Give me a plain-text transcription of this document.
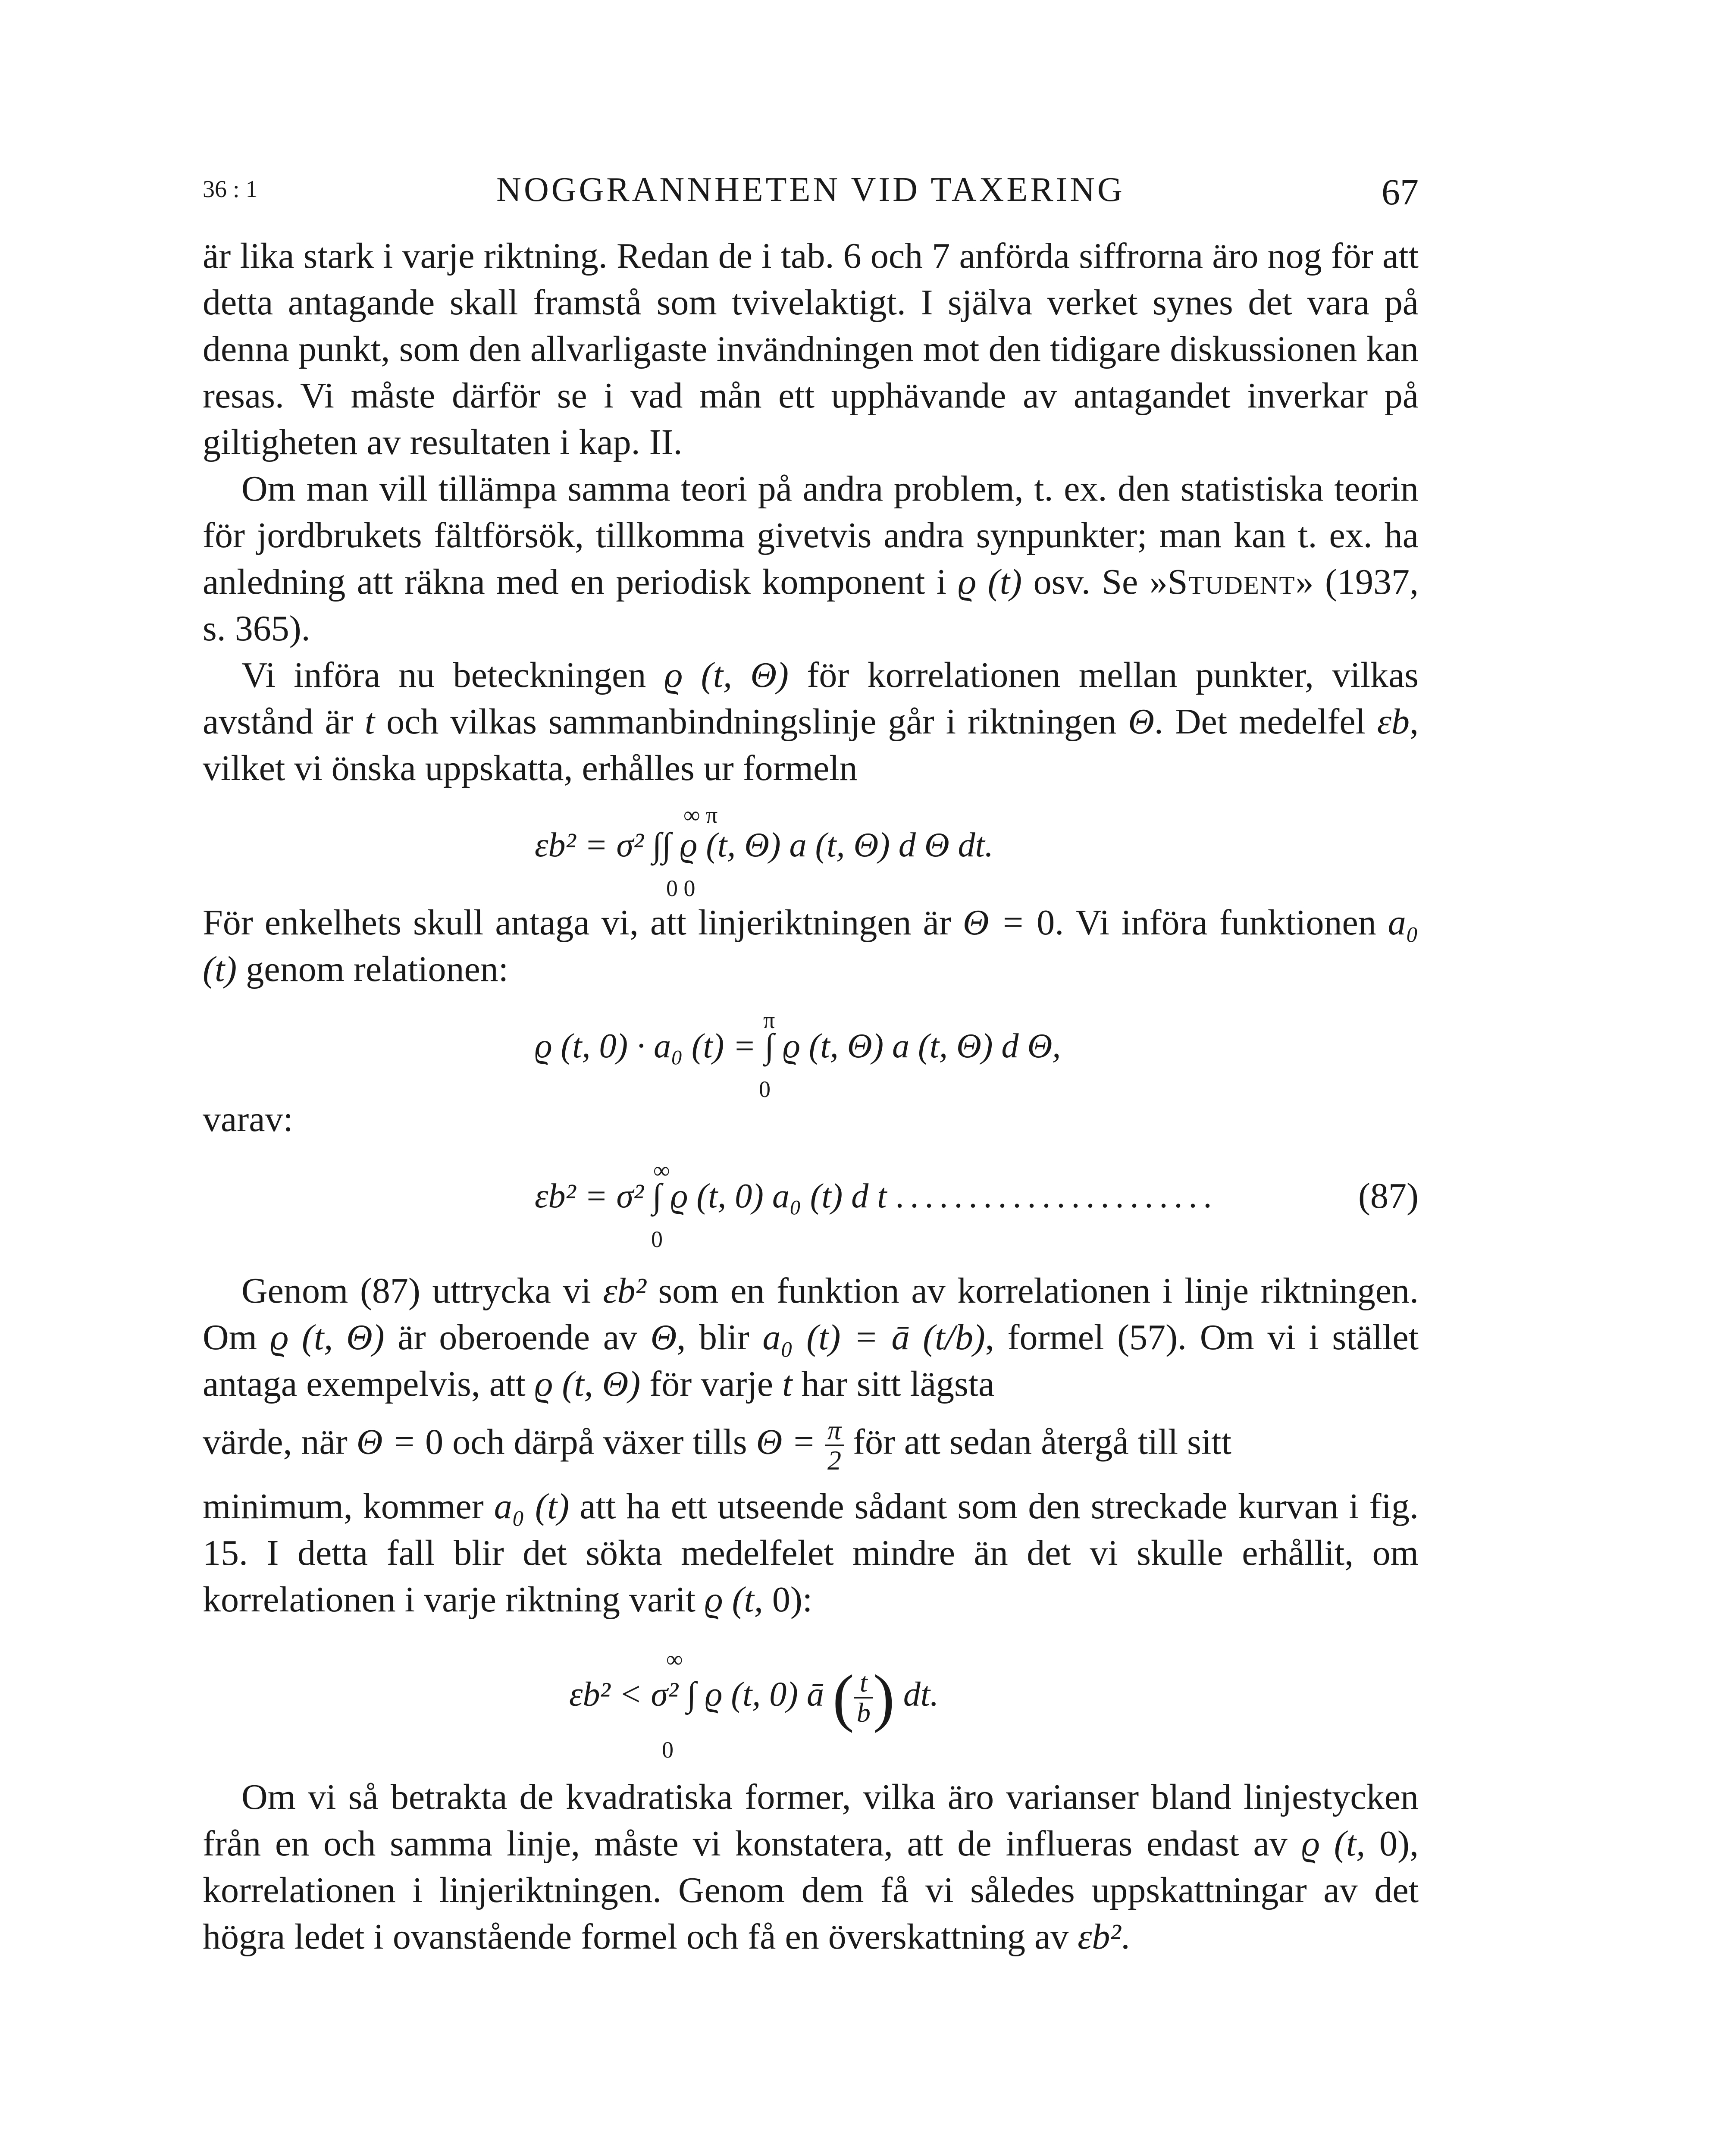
36 : 1	NOGGRANNHETEN VID TAXERING	67

är lika stark i varje riktning. Redan de i tab. 6 och 7 anförda siffrorna äro nog för att detta antagande skall framstå som tvivelaktigt. I själva verket synes det vara på denna punkt, som den allvarligaste invändningen mot den tidigare diskussionen kan resas. Vi måste därför se i vad mån ett upphävande av antagandet inverkar på giltigheten av resultaten i kap. II.

Om man vill tillämpa samma teori på andra problem, t. ex. den statistiska teorin för jordbrukets fältförsök, tillkomma givetvis andra synpunkter; man kan t. ex. ha anledning att räkna med en periodisk komponent i ϱ (t) osv. Se »Student» (1937, s. 365).

Vi införa nu beteckningen ϱ (t, Θ) för korrelationen mellan punkter, vilkas avstånd är t och vilkas sammanbindningslinje går i riktningen Θ. Det medelfel εb, vilket vi önska uppskatta, erhålles ur formeln

∞ π
εb² = σ² ∫∫ ϱ (t, Θ) a (t, Θ) d Θ dt.
0 0

För enkelhets skull antaga vi, att linjeriktningen är Θ = 0. Vi införa funktionen a₀ (t) genom relationen:

π
ϱ (t, 0) · a₀ (t) = ∫ ϱ (t, Θ) a (t, Θ) d Θ,
0

varav:

∞
εb² = σ² ∫ ϱ (t, 0) a₀ (t) d t ......................
0
(87)

Genom (87) uttrycka vi εb² som en funktion av korrelationen i linje riktningen. Om ϱ (t, Θ) är oberoende av Θ, blir a₀ (t) = ā (t/b), formel (57). Om vi i stället antaga exempelvis, att ϱ (t, Θ) för varje t har sitt lägsta

värde, när Θ = 0 och därpå växer tills $\Theta = \frac{\pi}{2}$ för att sedan återgå till sitt

minimum, kommer a₀ (t) att ha ett utseende sådant som den streckade kurvan i fig. 15. I detta fall blir det sökta medelfelet mindre än det vi skulle erhållit, om korrelationen i varje riktning varit ϱ (t, 0):

∞
εb² < σ² ∫ ϱ (t, 0) ā ( $\frac{t}{b}$ ) dt.
0

Om vi så betrakta de kvadratiska former, vilka äro varianser bland linjestycken från en och samma linje, måste vi konstatera, att de influeras endast av ϱ (t, 0), korrelationen i linjeriktningen. Genom dem få vi således uppskattningar av det högra ledet i ovanstående formel och få en överskattning av εb².
